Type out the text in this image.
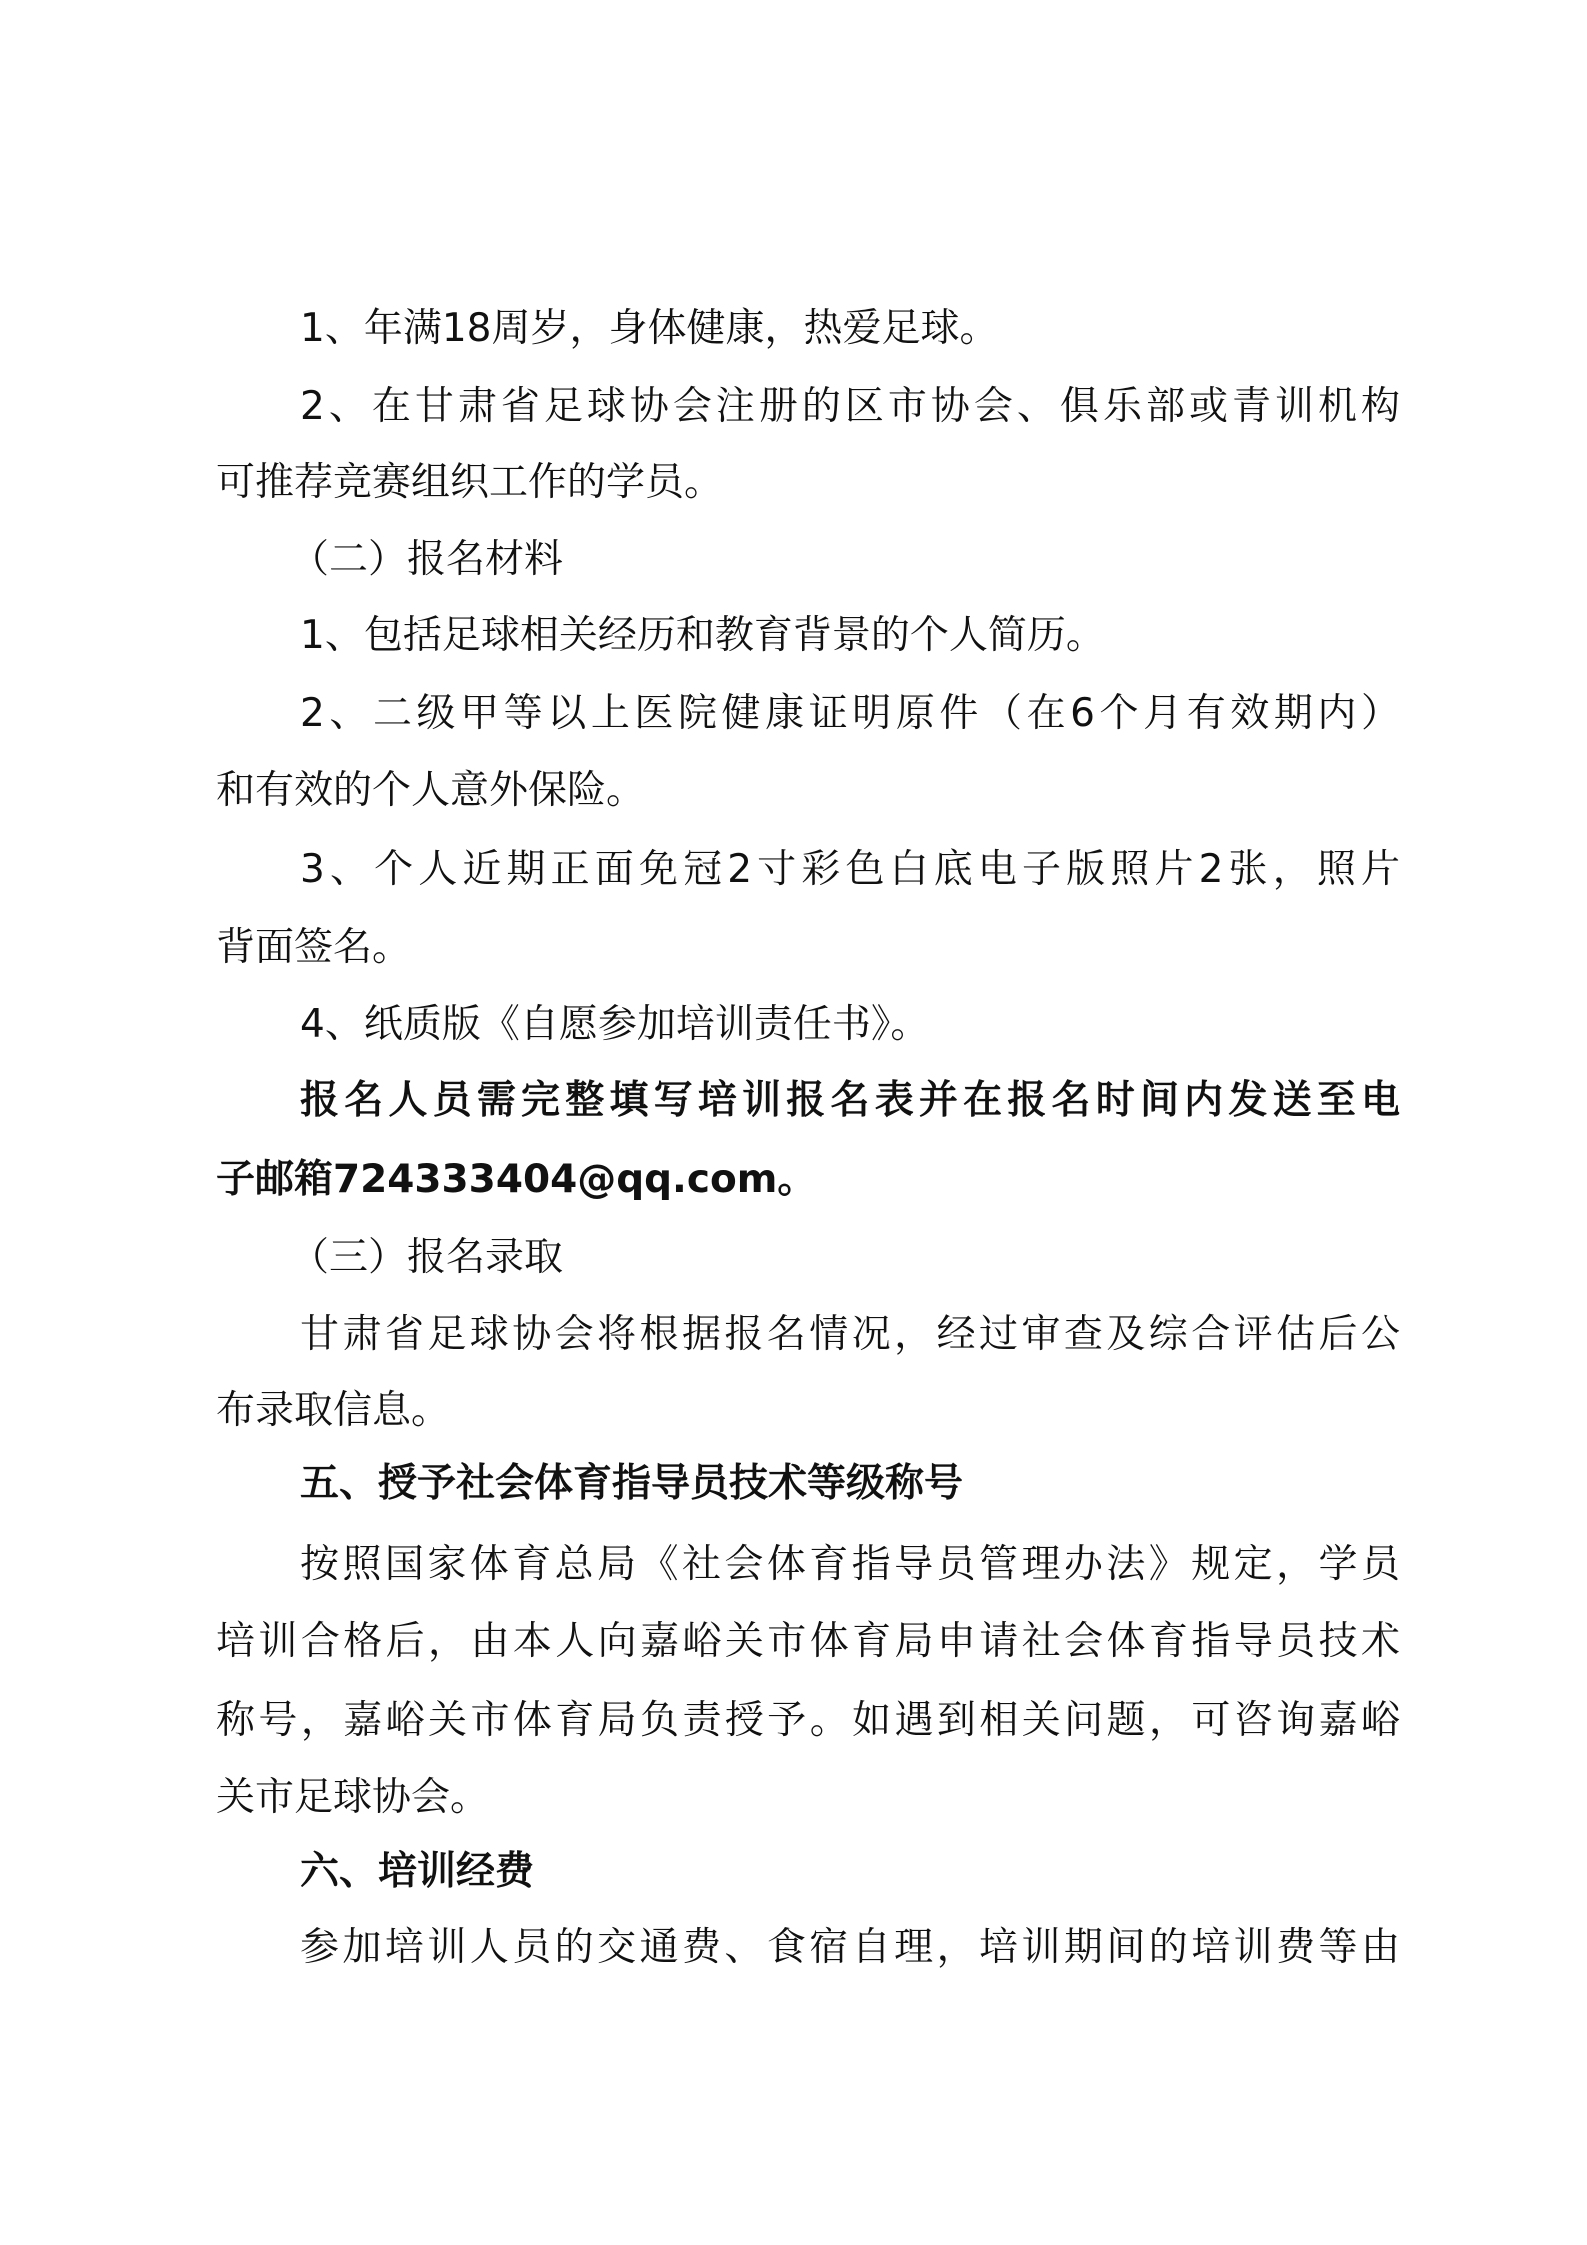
1、年满18周岁，身体健康，热爱足球。
2、在甘肃省足球协会注册的区市协会、俱乐部或青训机构
可推荐竞赛组织工作的学员。
（二）报名材料
1、包括足球相关经历和教育背景的个人简历。
2、二级甲等以上医院健康证明原件（在6个月有效期内）
和有效的个人意外保险。
3、个人近期正面免冠2寸彩色白底电子版照片2张，照片
背面签名。
4、纸质版《自愿参加培训责任书》。
报名人员需完整填写培训报名表并在报名时间内发送至电
子邮箱724333404@qq.com。
（三）报名录取
甘肃省足球协会将根据报名情况，经过审查及综合评估后公
布录取信息。
五、授予社会体育指导员技术等级称号
按照国家体育总局《社会体育指导员管理办法》规定，学员
培训合格后，由本人向嘉峪关市体育局申请社会体育指导员技术
称号，嘉峪关市体育局负责授予。如遇到相关问题，可咨询嘉峪
关市足球协会。
六、培训经费
参加培训人员的交通费、食宿自理，培训期间的培训费等由
